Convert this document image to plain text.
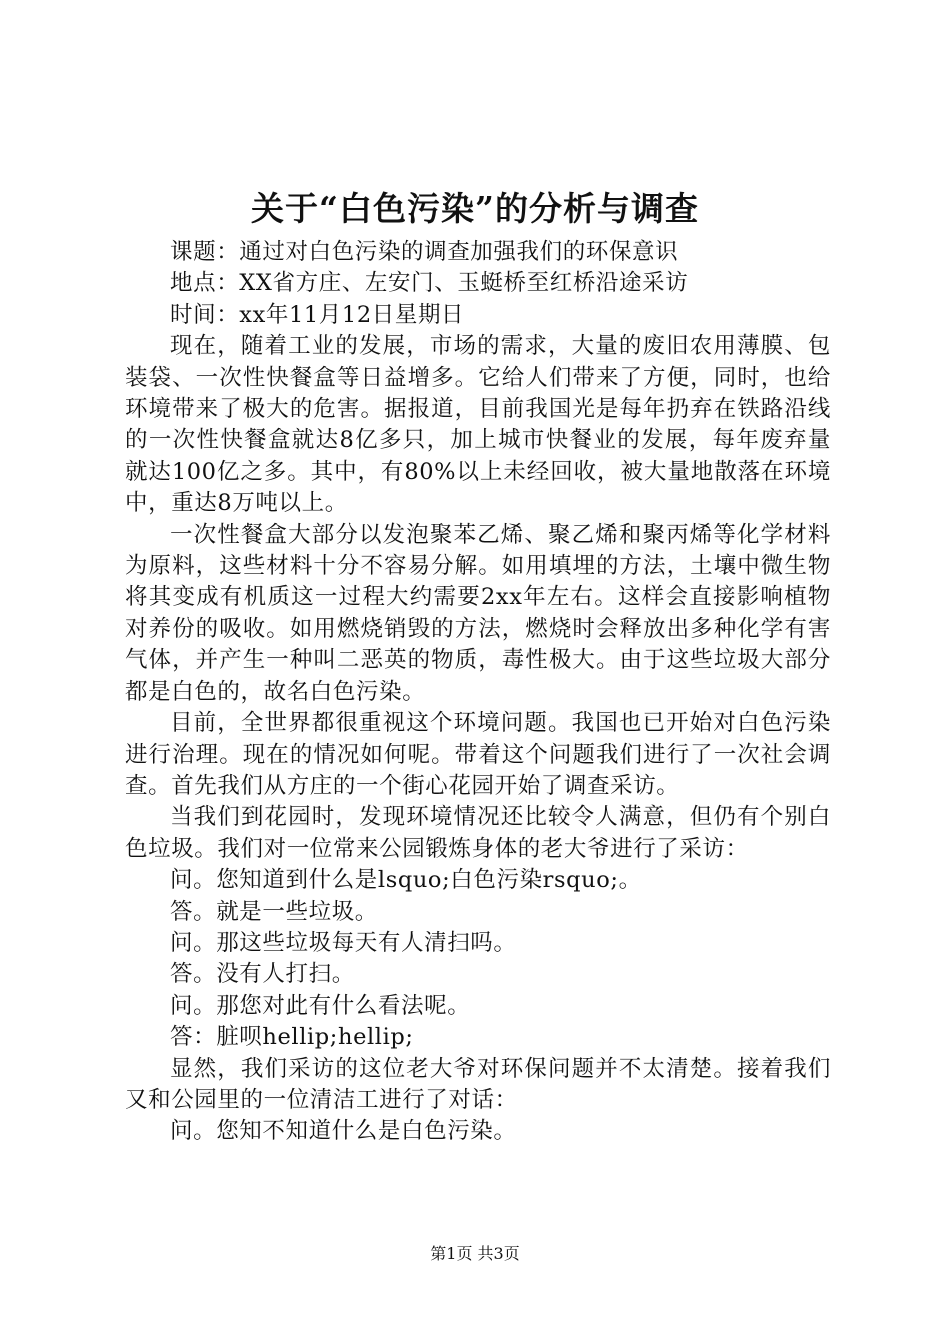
关于“白色污染”的分析与调查

课题：通过对白色污染的调查加强我们的环保意识

地点：XX省方庄、左安门、玉蜓桥至红桥沿途采访

时间：xx年11月12日星期日

现在，随着工业的发展，市场的需求，大量的废旧农用薄膜、包装袋、一次性快餐盒等日益增多。它给人们带来了方便，同时，也给环境带来了极大的危害。据报道，目前我国光是每年扔弃在铁路沿线的一次性快餐盒就达8亿多只，加上城市快餐业的发展，每年废弃量就达100亿之多。其中，有80%以上未经回收，被大量地散落在环境中，重达8万吨以上。

一次性餐盒大部分以发泡聚苯乙烯、聚乙烯和聚丙烯等化学材料为原料，这些材料十分不容易分解。如用填埋的方法，土壤中微生物将其变成有机质这一过程大约需要2xx年左右。这样会直接影响植物对养份的吸收。如用燃烧销毁的方法，燃烧时会释放出多种化学有害气体，并产生一种叫二恶英的物质，毒性极大。由于这些垃圾大部分都是白色的，故名白色污染。

目前，全世界都很重视这个环境问题。我国也已开始对白色污染进行治理。现在的情况如何呢。带着这个问题我们进行了一次社会调查。首先我们从方庄的一个街心花园开始了调查采访。

当我们到花园时，发现环境情况还比较令人满意，但仍有个别白色垃圾。我们对一位常来公园锻炼身体的老大爷进行了采访：

问。您知道到什么是lsquo;白色污染rsquo;。

答。就是一些垃圾。

问。那这些垃圾每天有人清扫吗。

答。没有人打扫。

问。那您对此有什么看法呢。

答：脏呗hellip;hellip;

显然，我们采访的这位老大爷对环保问题并不太清楚。接着我们又和公园里的一位清洁工进行了对话：

问。您知不知道什么是白色污染。

第1页 共3页
